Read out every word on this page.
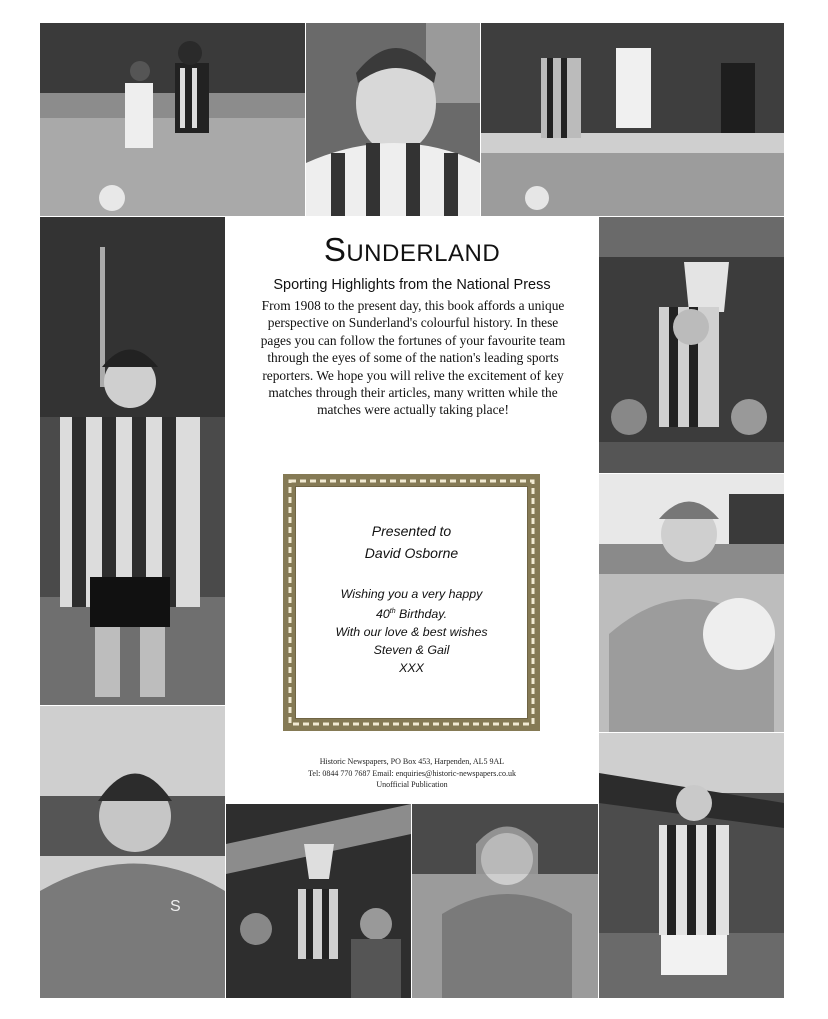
S
SUNDERLAND
Sporting Highlights from the National Press
From 1908 to the present day, this book affords a unique perspective on Sunderland's colourful history. In these pages you can follow the fortunes of your favourite team through the eyes of some of the nation's leading sports reporters. We hope you will relive the excitement of key matches through their articles, many written while the matches were actually taking place!
Presented to
David Osborne
Wishing you a very happy
40th Birthday.
With our love & best wishes
Steven & Gail
XXX
Historic Newspapers, PO Box 453, Harpenden, AL5 9AL
Tel: 0844 770 7687 Email: enquiries@historic-newspapers.co.uk
Unofficial Publication
